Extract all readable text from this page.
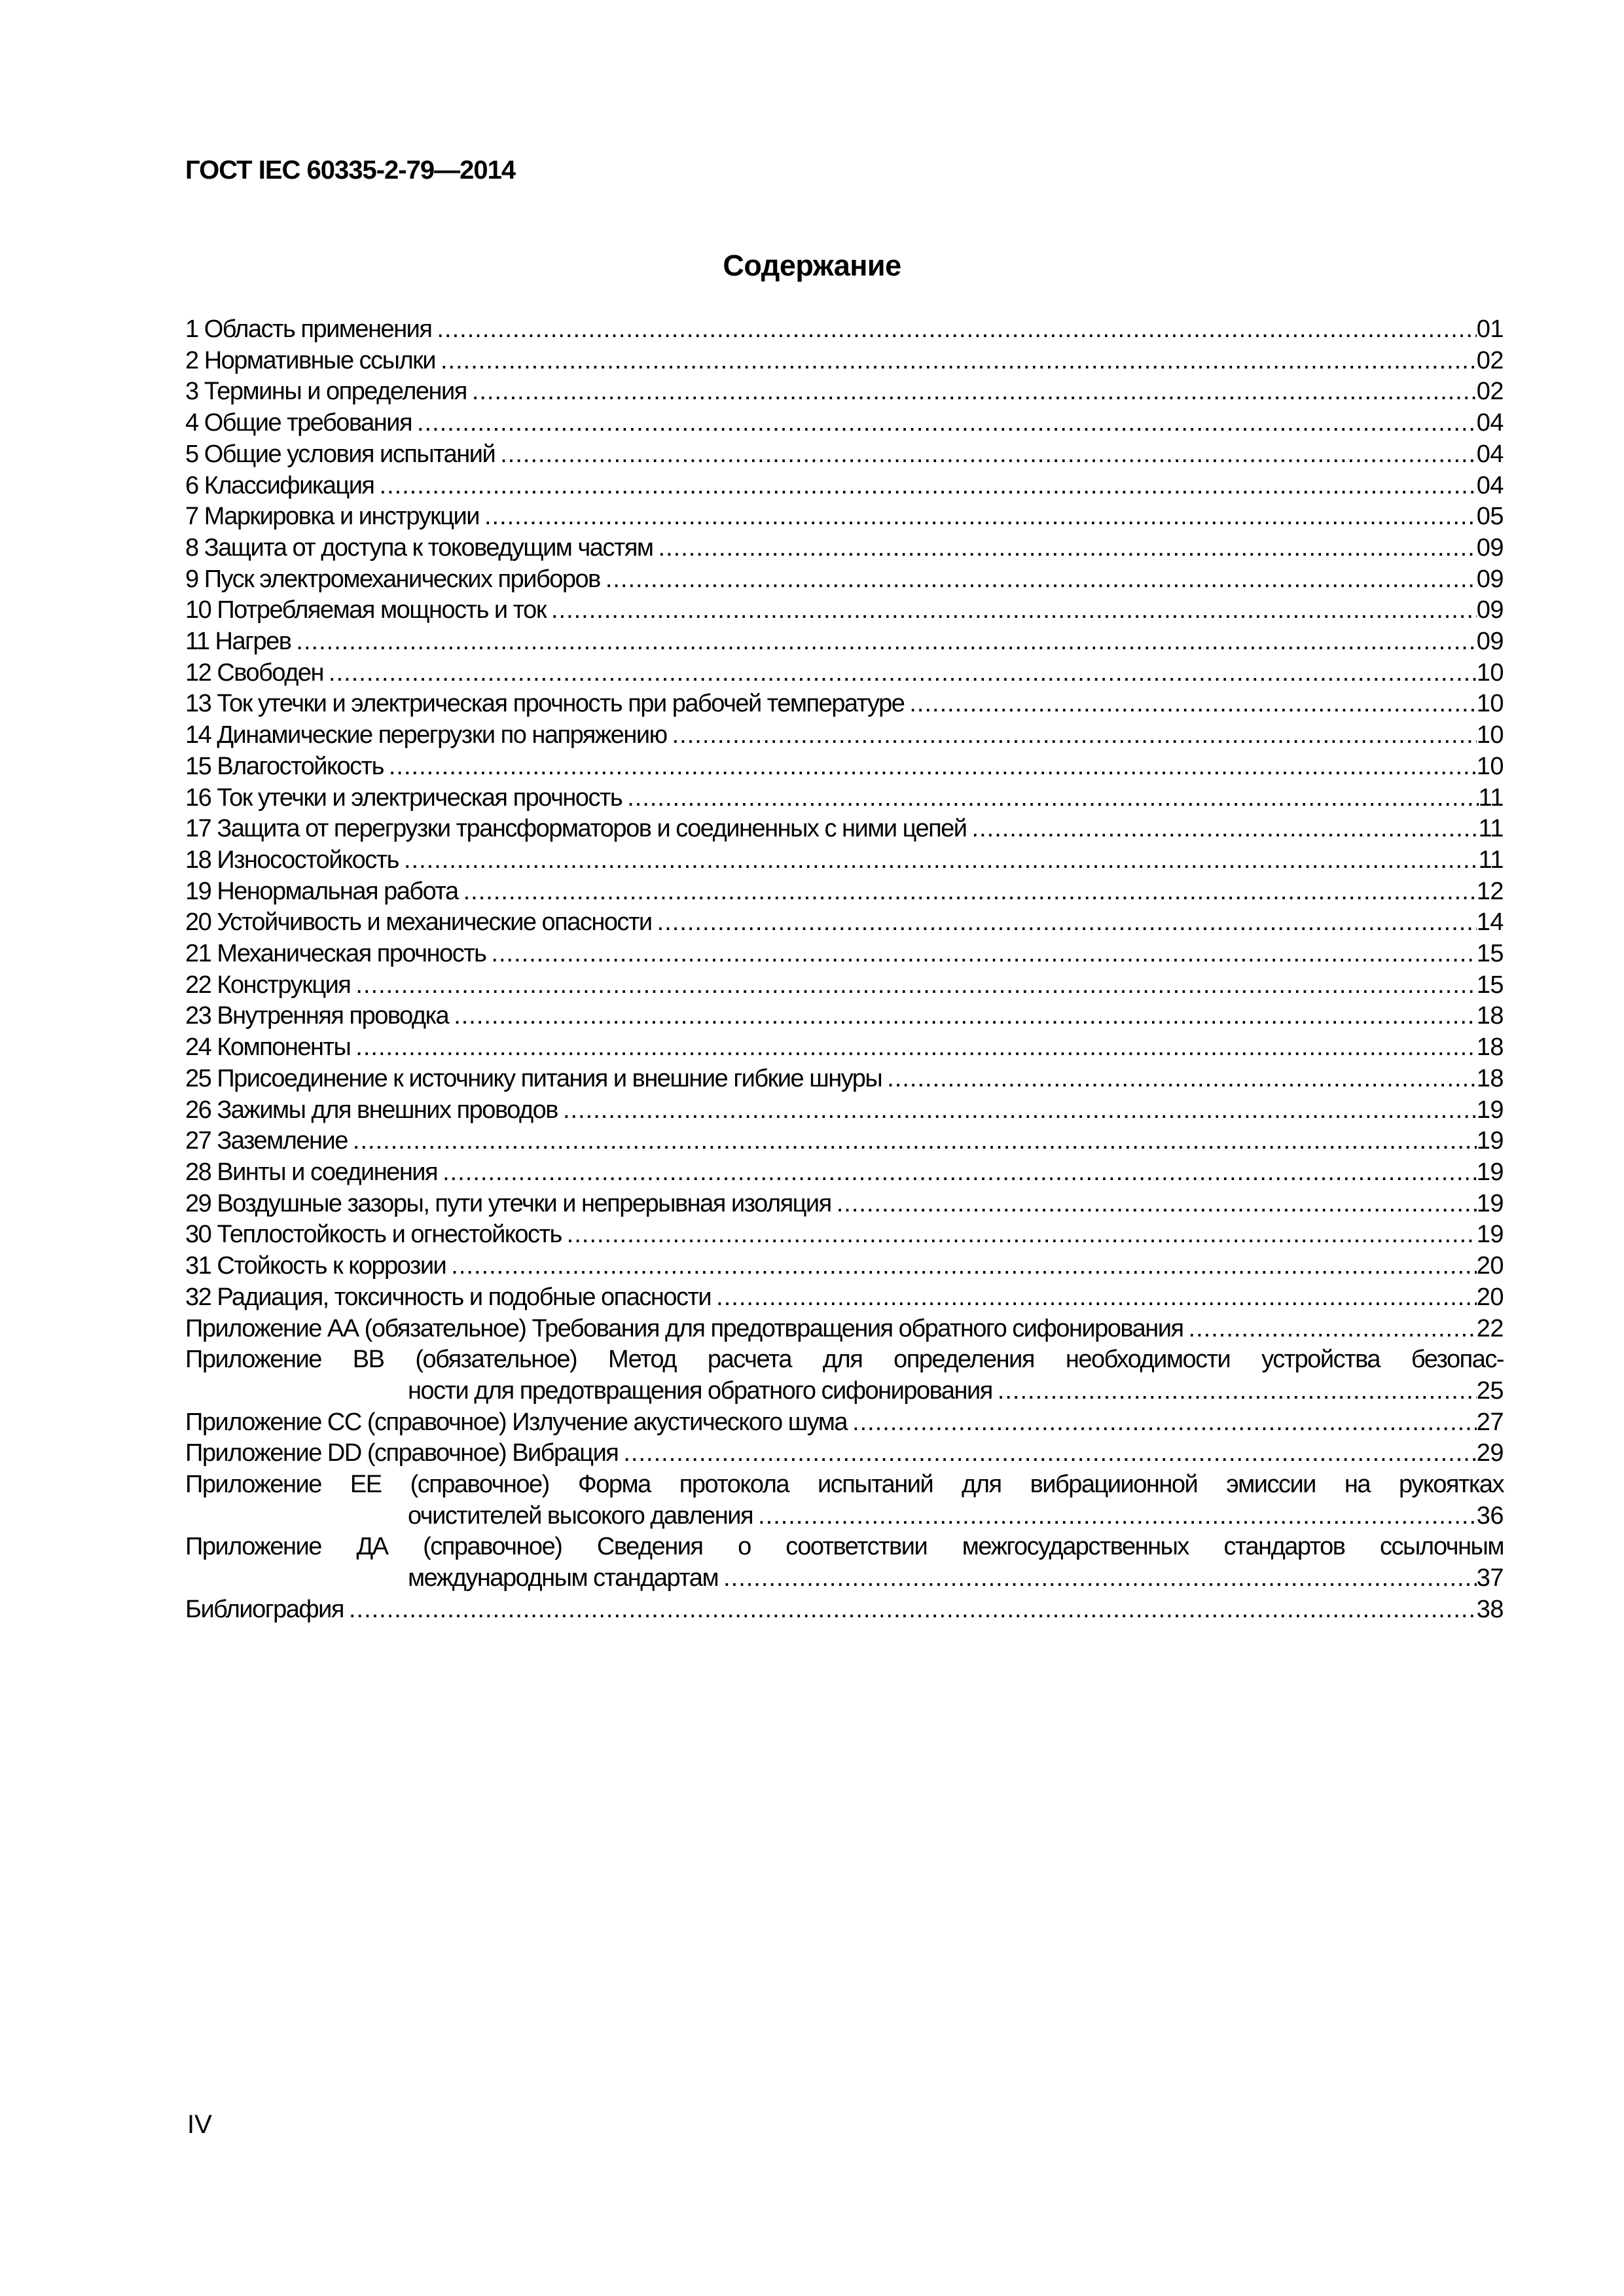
ГОСТ IEC 60335-2-79—2014
Содержание
1 Область применения .....	01
2 Нормативные ссылки .....	02
3 Термины и определения .....	02
4 Общие требования .....	04
5 Общие условия испытаний .....	04
6 Классификация .....	04
7 Маркировка и инструкции .....	05
8 Защита от доступа к токоведущим частям .....	09
9 Пуск электромеханических приборов .....	09
10 Потребляемая мощность и ток .....	09
11 Нагрев .....	09
12 Свободен .....	10
13 Ток утечки и электрическая прочность при рабочей температуре .....	10
14 Динамические перегрузки по напряжению .....	10
15 Влагостойкость .....	10
16 Ток утечки и электрическая прочность .....	11
17 Защита от перегрузки трансформаторов и соединенных с ними цепей .....	11
18 Износостойкость .....	11
19 Ненормальная работа .....	12
20 Устойчивость и механические опасности .....	14
21 Механическая прочность .....	15
22 Конструкция .....	15
23 Внутренняя проводка .....	18
24 Компоненты .....	18
25 Присоединение к источнику питания и внешние гибкие шнуры .....	18
26 Зажимы для внешних проводов .....	19
27 Заземление .....	19
28 Винты и соединения .....	19
29 Воздушные зазоры, пути утечки и непрерывная изоляция .....	19
30 Теплостойкость и огнестойкость .....	19
31 Стойкость к коррозии .....	20
32 Радиация, токсичность и подобные опасности .....	20
Приложение АА (обязательное) Требования для предотвращения обратного сифонирования .....	22
Приложение ВВ (обязательное) Метод расчета для определения необходимости устройства безопас-
ности для предотвращения обратного сифонирования .....	25
Приложение СС (справочное) Излучение акустического шума .....	27
Приложение DD (справочное) Вибрация .....	29
Приложение ЕЕ (справочное) Форма протокола испытаний для вибрациионной эмиссии на рукоятках
очистителей высокого давления .....	36
Приложение ДА (справочное) Сведения о соответствии межгосударственных стандартов ссылочным
международным стандартам .....	37
Библиография .....	38
IV
